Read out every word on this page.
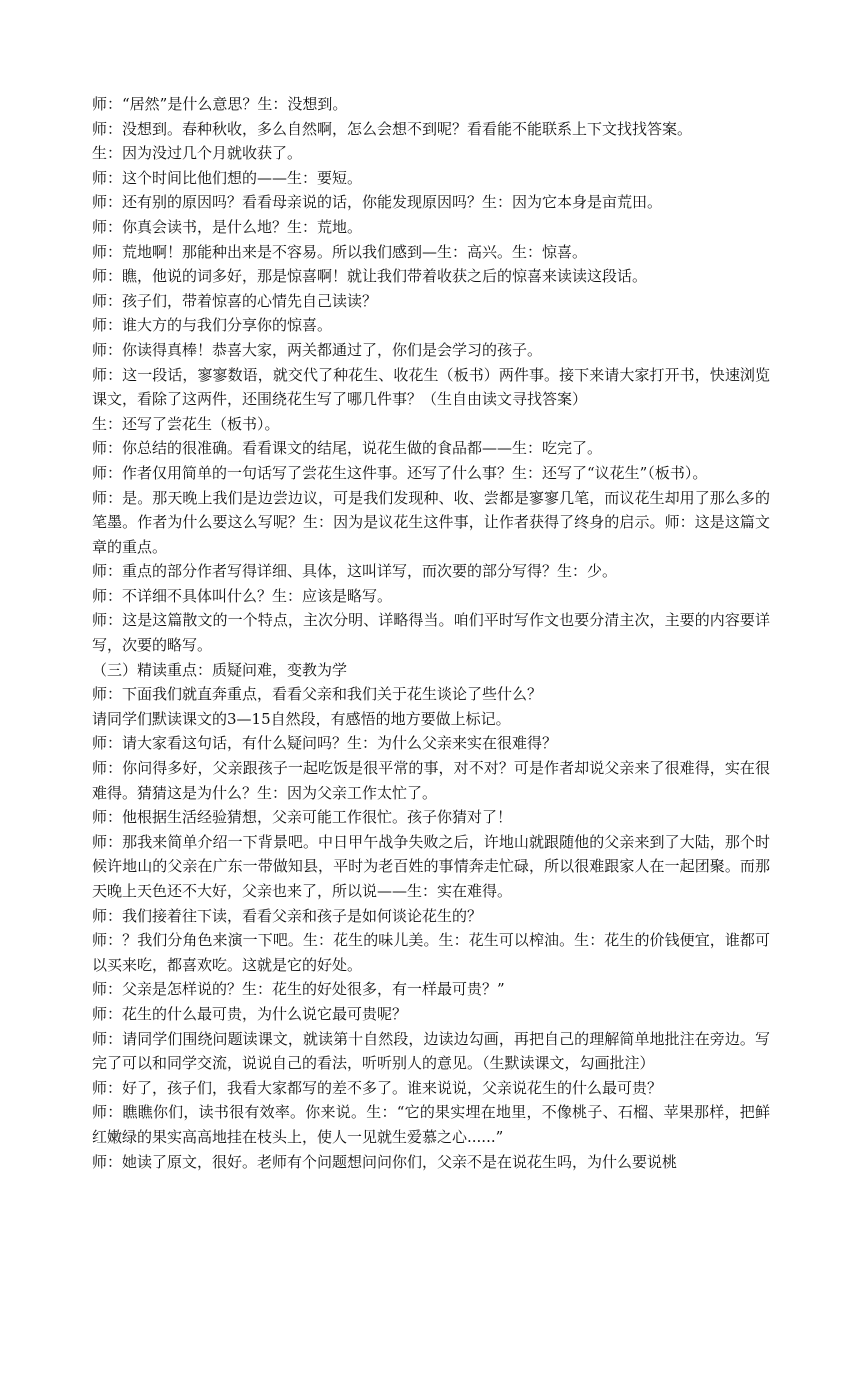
师：“居然”是什么意思？生：没想到。

师：没想到。春种秋收，多么自然啊，怎么会想不到呢？看看能不能联系上下文找找答案。

生：因为没过几个月就收获了。

师：这个时间比他们想的——生：要短。

师：还有别的原因吗？看看母亲说的话，你能发现原因吗？生：因为它本身是亩荒田。

师：你真会读书，是什么地？生：荒地。

师：荒地啊！那能种出来是不容易。所以我们感到—生：高兴。生：惊喜。

师：瞧，他说的词多好，那是惊喜啊！就让我们带着收获之后的惊喜来读读这段话。

师：孩子们，带着惊喜的心情先自己读读？

师：谁大方的与我们分享你的惊喜。

师：你读得真棒！恭喜大家，两关都通过了，你们是会学习的孩子。

师：这一段话，寥寥数语，就交代了种花生、收花生（板书）两件事。接下来请大家打开书，快速浏览课文，看除了这两件，还围绕花生写了哪几件事？（生自由读文寻找答案）

生：还写了尝花生（板书）。

师：你总结的很准确。看看课文的结尾，说花生做的食品都——生：吃完了。

师：作者仅用简单的一句话写了尝花生这件事。还写了什么事？生：还写了“议花生”（板书）。

师：是。那天晚上我们是边尝边议，可是我们发现种、收、尝都是寥寥几笔，而议花生却用了那么多的笔墨。作者为什么要这么写呢？生：因为是议花生这件事，让作者获得了终身的启示。师：这是这篇文章的重点。

师：重点的部分作者写得详细、具体，这叫详写，而次要的部分写得？生：少。

师：不详细不具体叫什么？生：应该是略写。

师：这是这篇散文的一个特点，主次分明、详略得当。咱们平时写作文也要分清主次，主要的内容要详写，次要的略写。

（三）精读重点：质疑问难，变教为学

师：下面我们就直奔重点，看看父亲和我们关于花生谈论了些什么？

请同学们默读课文的3—15自然段，有感悟的地方要做上标记。

师：请大家看这句话，有什么疑问吗？生：为什么父亲来实在很难得？

师：你问得多好，父亲跟孩子一起吃饭是很平常的事，对不对？可是作者却说父亲来了很难得，实在很难得。猜猜这是为什么？生：因为父亲工作太忙了。

师：他根据生活经验猜想，父亲可能工作很忙。孩子你猜对了！

师：那我来简单介绍一下背景吧。中日甲午战争失败之后，许地山就跟随他的父亲来到了大陆，那个时候许地山的父亲在广东一带做知县，平时为老百姓的事情奔走忙碌，所以很难跟家人在一起团聚。而那天晚上天色还不大好，父亲也来了，所以说——生：实在难得。

师：我们接着往下读，看看父亲和孩子是如何谈论花生的？

师：？我们分角色来演一下吧。生：花生的味儿美。生：花生可以榨油。生：花生的价钱便宜，谁都可以买来吃，都喜欢吃。这就是它的好处。

师：父亲是怎样说的？生：花生的好处很多，有一样最可贵？”

师：花生的什么最可贵，为什么说它最可贵呢？

师：请同学们围绕问题读课文，就读第十自然段，边读边勾画，再把自己的理解简单地批注在旁边。写完了可以和同学交流，说说自己的看法，听听别人的意见。（生默读课文，勾画批注）

师：好了，孩子们，我看大家都写的差不多了。谁来说说，父亲说花生的什么最可贵？

师：瞧瞧你们，读书很有效率。你来说。生：“它的果实埋在地里，不像桃子、石榴、苹果那样，把鲜红嫩绿的果实高高地挂在枝头上，使人一见就生爱慕之心......”

师：她读了原文，很好。老师有个问题想问问你们，父亲不是在说花生吗，为什么要说桃
